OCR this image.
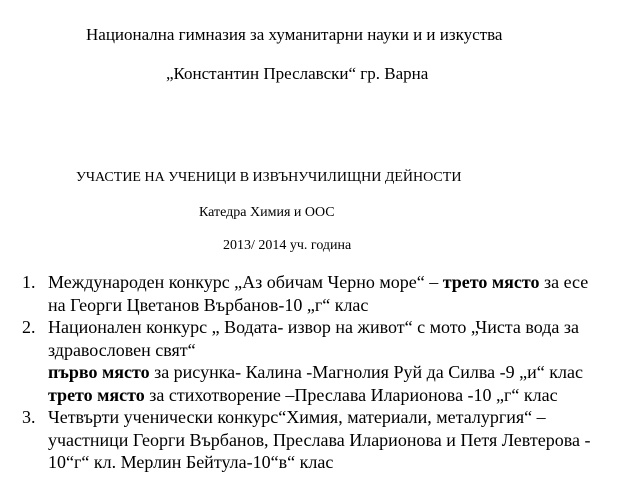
Национална гимназия за хуманитарни науки и и изкуства
„Константин Преславски“ гр. Варна
УЧАСТИЕ НА УЧЕНИЦИ В ИЗВЪНУЧИЛИЩНИ ДЕЙНОСТИ
Катедра Химия и ООС
2013/ 2014 уч. година
1. Международен конкурс „Аз обичам Черно море“ – трето място за есе
на Георги Цветанов Върбанов-10 „г“ клас
2. Национален конкурс „ Водата- извор на живот“ с мото „Чиста вода за
здравословен свят“
първо място за рисунка- Калина -Магнолия Руй да Силва -9 „и“ клас
трето място за стихотворение –Преслава Иларионова -10 „г“ клас
3. Четвърти ученически конкурс“Химия, материали, металургия“ –
участници Георги Върбанов, Преслава Иларионова и Петя Левтерова -
10“г“ кл. Мерлин Бейтула-10“в“ клас
